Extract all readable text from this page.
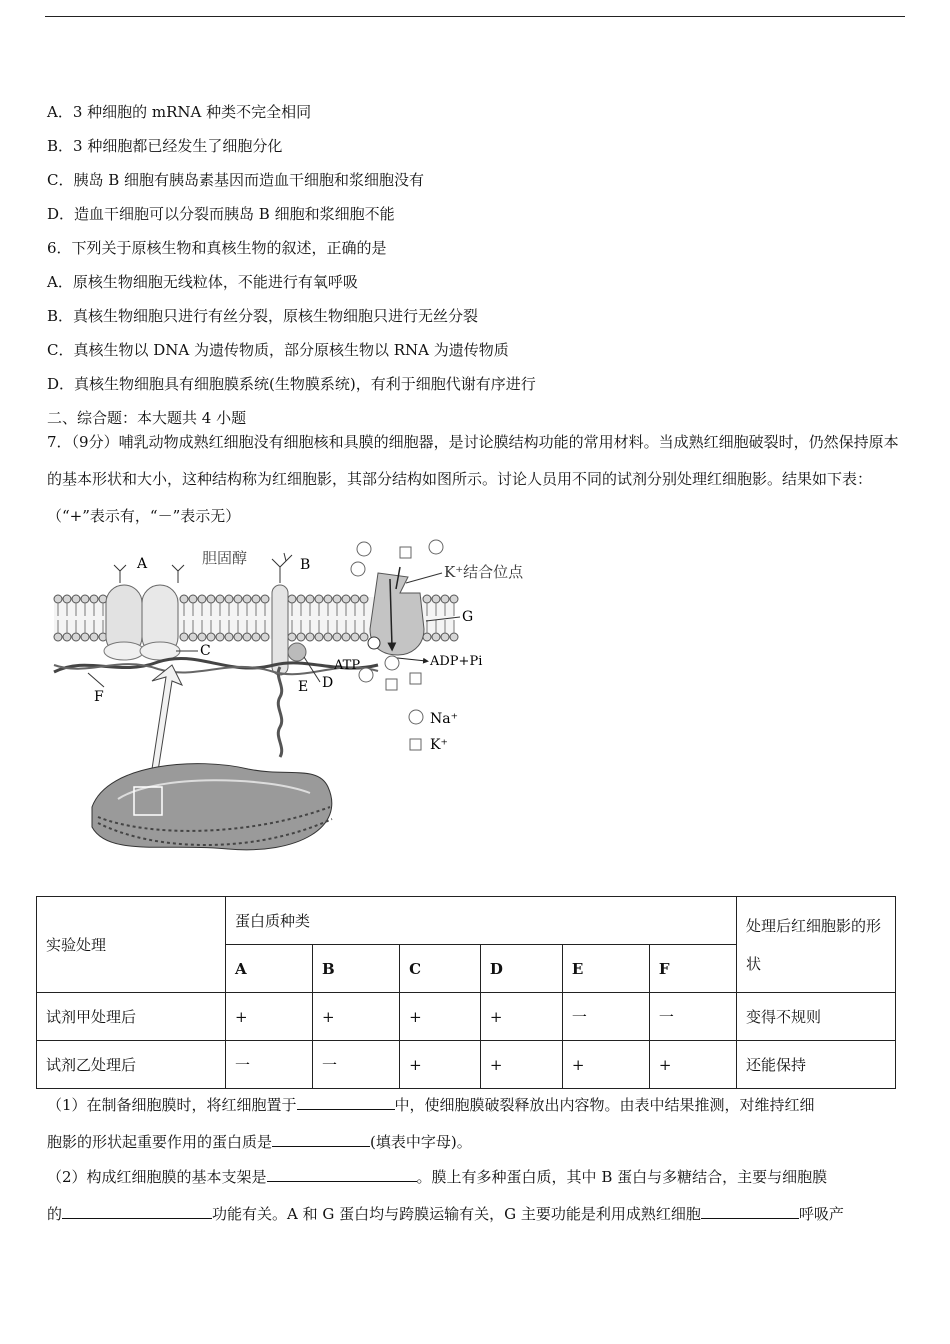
A．3 种细胞的 mRNA 种类不完全相同
B．3 种细胞都已经发生了细胞分化
C．胰岛 B 细胞有胰岛素基因而造血干细胞和浆细胞没有
D．造血干细胞可以分裂而胰岛 B 细胞和浆细胞不能
6．下列关于原核生物和真核生物的叙述，正确的是
A．原核生物细胞无线粒体，不能进行有氧呼吸
B．真核生物细胞只进行有丝分裂，原核生物细胞只进行无丝分裂
C．真核生物以 DNA 为遗传物质，部分原核生物以 RNA 为遗传物质
D．真核生物细胞具有细胞膜系统(生物膜系统)，有利于细胞代谢有序进行
二、综合题：本大题共 4 小题
7．（9分）哺乳动物成熟红细胞没有细胞核和具膜的细胞器，是讨论膜结构功能的常用材料。当成熟红细胞破裂时，仍然保持原本的基本形状和大小，这种结构称为红细胞影，其部分结构如图所示。讨论人员用不同的试剂分别处理红细胞影。结果如下表：（“+”表示有，“－”表示无）
A	胆固醇	B
F
C
D
E
K⁺结合位点
G
ATP	ADP+Pi
Na⁺
K⁺
实验处理	蛋白质种类						处理后红细胞影的形状
	A	B	C	D	E	F	
试剂甲处理后	+	+	+	+	一	一	变得不规则
试剂乙处理后	一	一	+	+	+	+	还能保持
（1）在制备细胞膜时，将红细胞置于	中，使细胞膜破裂释放出内容物。由表中结果推测，对维持红细
胞影的形状起重要作用的蛋白质是	(填表中字母)。
（2）构成红细胞膜的基本支架是	。膜上有多种蛋白质，其中 B 蛋白与多糖结合，主要与细胞膜
的	功能有关。A 和 G 蛋白均与跨膜运输有关，G 主要功能是利用成熟红细胞	呼吸产
